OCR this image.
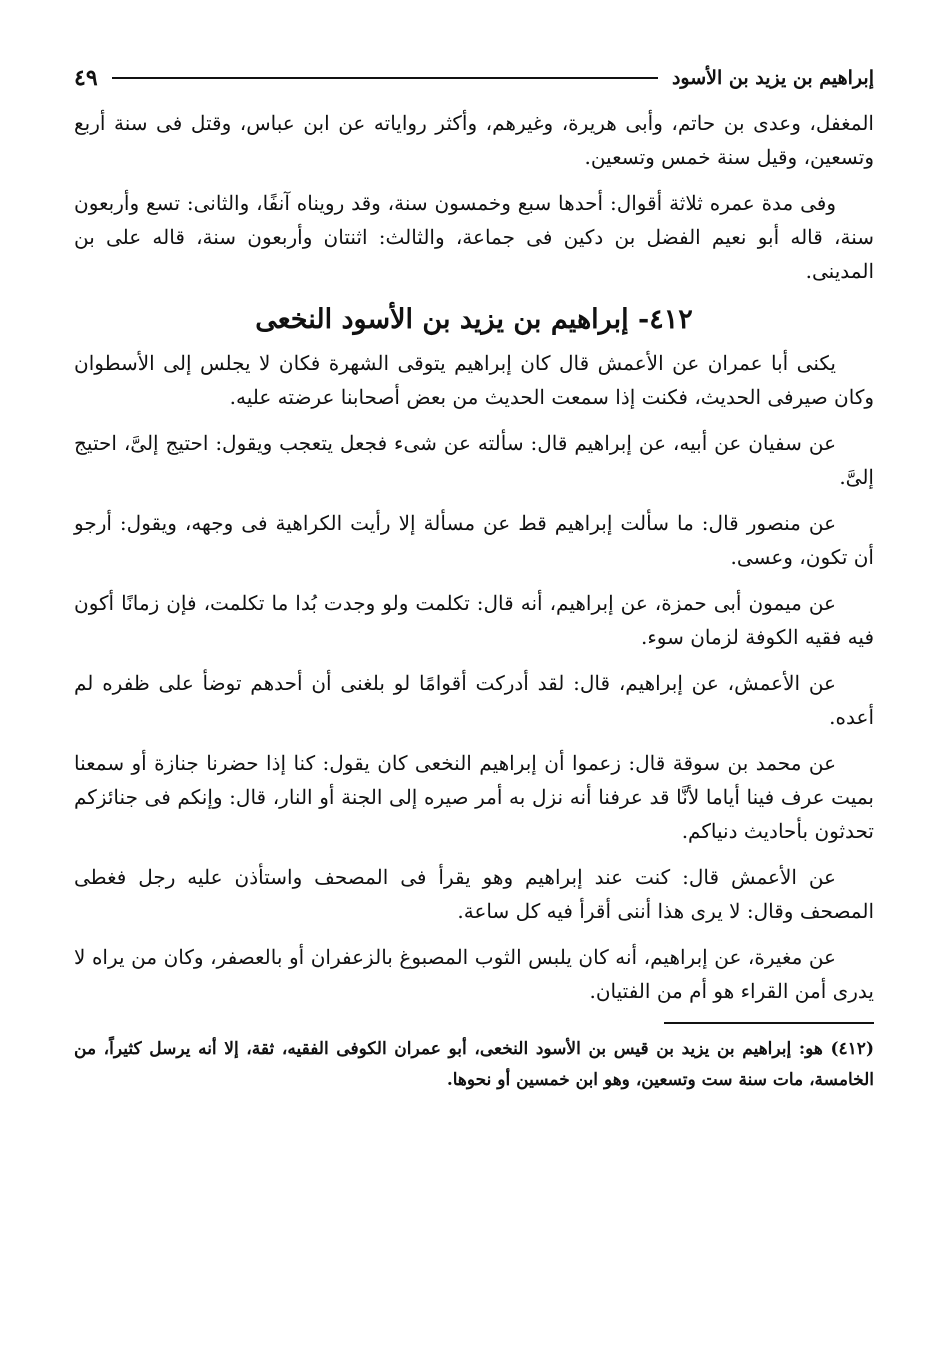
إبراهيم بن يزيد بن الأسود
٤٩

المغفل، وعدى بن حاتم، وأبى هريرة، وغيرهم، وأكثر رواياته عن ابن عباس، وقتل فى سنة أربع وتسعين، وقيل سنة خمس وتسعين.

وفى مدة عمره ثلاثة أقوال: أحدها سبع وخمسون سنة، وقد رويناه آنفًا، والثانى: تسع وأربعون سنة، قاله أبو نعيم الفضل بن دكين فى جماعة، والثالث: اثنتان وأربعون سنة، قاله على بن المدينى.

٤١٢- إبراهيم بن يزيد بن الأسود النخعى

يكنى أبا عمران عن الأعمش قال كان إبراهيم يتوقى الشهرة فكان لا يجلس إلى الأسطوان وكان صيرفى الحديث، فكنت إذا سمعت الحديث من بعض أصحابنا عرضته عليه.

عن سفيان عن أبيه، عن إبراهيم قال: سألته عن شىء فجعل يتعجب ويقول: احتيج إلىَّ، احتيج إلىَّ.

عن منصور قال: ما سألت إبراهيم قط عن مسألة إلا رأيت الكراهية فى وجهه، ويقول: أرجو أن تكون، وعسى.

عن ميمون أبى حمزة، عن إبراهيم، أنه قال: تكلمت ولو وجدت بُدا ما تكلمت، فإن زمانًا أكون فيه فقيه الكوفة لزمان سوء.

عن الأعمش، عن إبراهيم، قال: لقد أدركت أقوامًا لو بلغنى أن أحدهم توضأ على ظفره لم أعده.

عن محمد بن سوقة قال: زعموا أن إبراهيم النخعى كان يقول: كنا إذا حضرنا جنازة أو سمعنا بميت عرف فينا أياما لأنَّا قد عرفنا أنه نزل به أمر صيره إلى الجنة أو النار، قال: وإنكم فى جنائزكم تحدثون بأحاديث دنياكم.

عن الأعمش قال: كنت عند إبراهيم وهو يقرأ فى المصحف واستأذن عليه رجل فغطى المصحف وقال: لا يرى هذا أننى أقرأ فيه كل ساعة.

عن مغيرة، عن إبراهيم، أنه كان يلبس الثوب المصبوغ بالزعفران أو بالعصفر، وكان من يراه لا يدرى أمن القراء هو أم من الفتيان.

(٤١٢) هو: إبراهيم بن يزيد بن قيس بن الأسود النخعى، أبو عمران الكوفى الفقيه، ثقة، إلا أنه يرسل كثيراً، من الخامسة، مات سنة ست وتسعين، وهو ابن خمسين أو نحوها.
